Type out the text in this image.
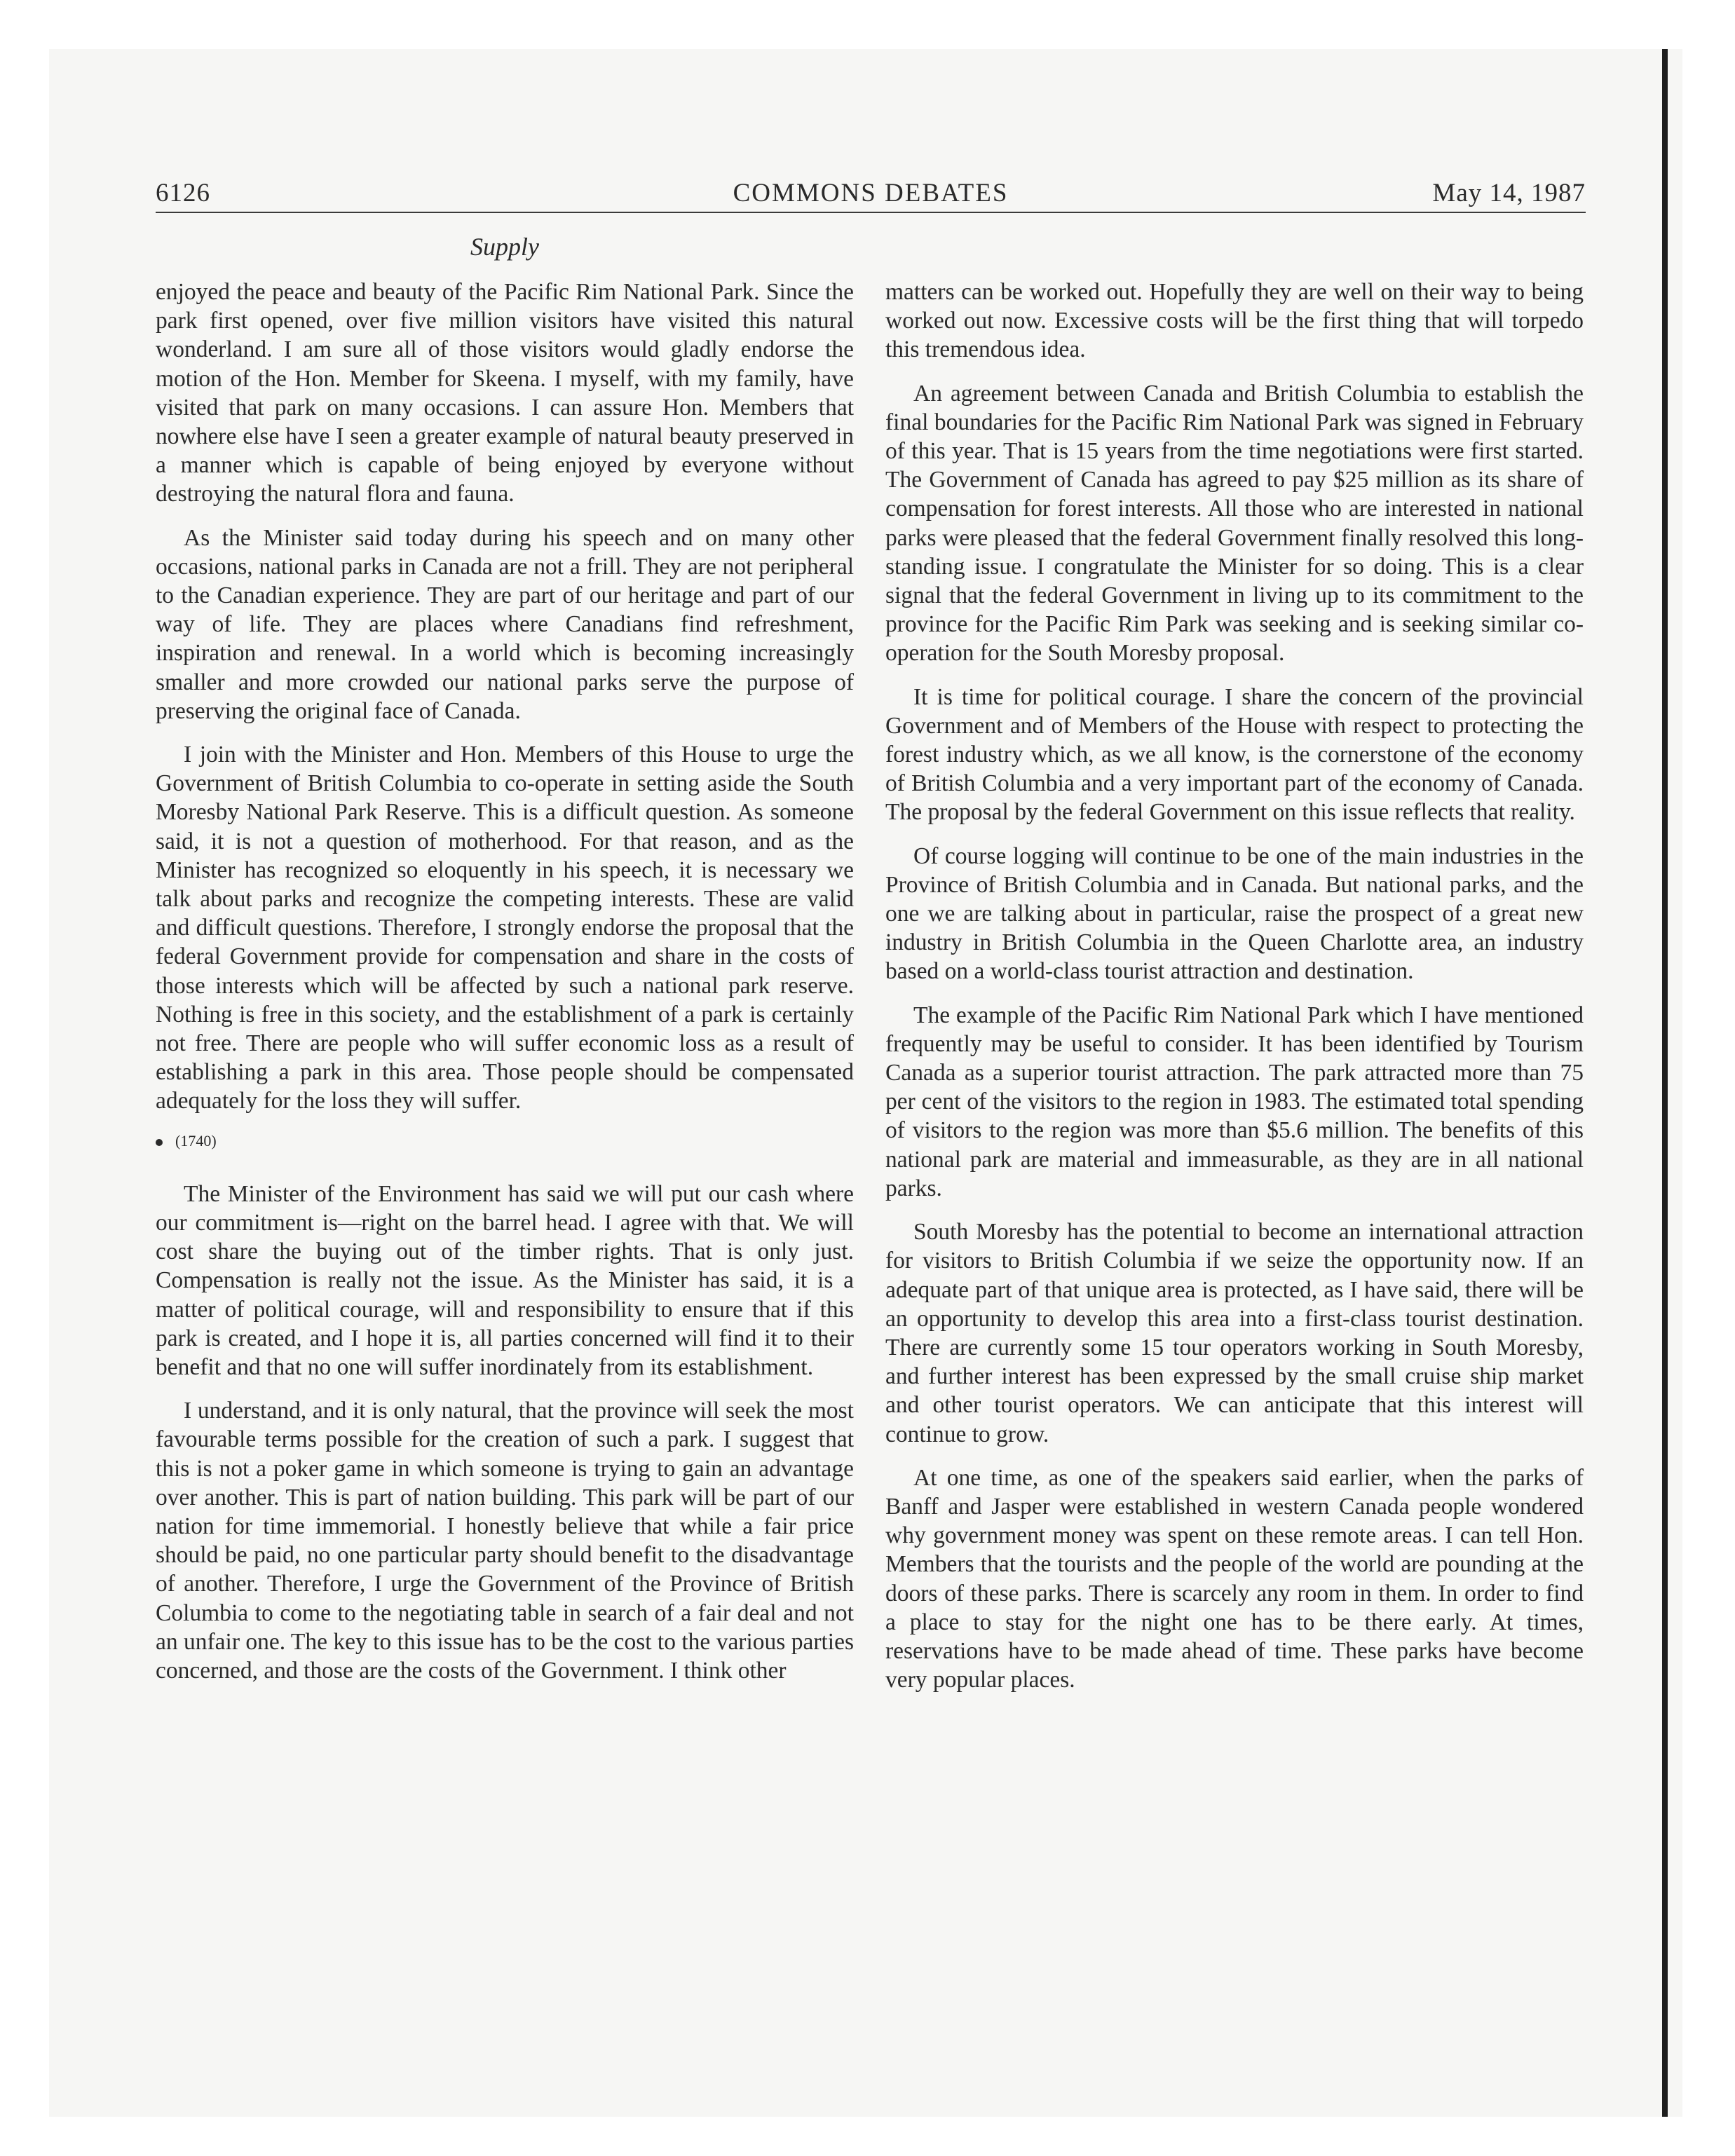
6126	COMMONS DEBATES	May 14, 1987
Supply

enjoyed the peace and beauty of the Pacific Rim National Park. Since the park first opened, over five million visitors have visited this natural wonderland. I am sure all of those visitors would gladly endorse the motion of the Hon. Member for Skeena. I myself, with my family, have visited that park on many occasions. I can assure Hon. Members that nowhere else have I seen a greater example of natural beauty preserved in a manner which is capable of being enjoyed by everyone without destroying the natural flora and fauna.

As the Minister said today during his speech and on many other occasions, national parks in Canada are not a frill. They are not peripheral to the Canadian experience. They are part of our heritage and part of our way of life. They are places where Canadians find refreshment, inspiration and renewal. In a world which is becoming increasingly smaller and more crowded our national parks serve the purpose of preserving the original face of Canada.

I join with the Minister and Hon. Members of this House to urge the Government of British Columbia to co-operate in setting aside the South Moresby National Park Reserve. This is a difficult question. As someone said, it is not a question of motherhood. For that reason, and as the Minister has recognized so eloquently in his speech, it is necessary we talk about parks and recognize the competing interests. These are valid and difficult questions. Therefore, I strongly endorse the proposal that the federal Government provide for compensation and share in the costs of those interests which will be affected by such a national park reserve. Nothing is free in this society, and the establishment of a park is certainly not free. There are people who will suffer economic loss as a result of establishing a park in this area. Those people should be compensated adequately for the loss they will suffer.

(1740)

The Minister of the Environment has said we will put our cash where our commitment is—right on the barrel head. I agree with that. We will cost share the buying out of the timber rights. That is only just. Compensation is really not the issue. As the Minister has said, it is a matter of political courage, will and responsibility to ensure that if this park is created, and I hope it is, all parties concerned will find it to their benefit and that no one will suffer inordinately from its establishment.

I understand, and it is only natural, that the province will seek the most favourable terms possible for the creation of such a park. I suggest that this is not a poker game in which someone is trying to gain an advantage over another. This is part of nation building. This park will be part of our nation for time immemorial. I honestly believe that while a fair price should be paid, no one particular party should benefit to the disadvantage of another. Therefore, I urge the Government of the Province of British Columbia to come to the negotiating table in search of a fair deal and not an unfair one. The key to this issue has to be the cost to the various parties concerned, and those are the costs of the Government. I think other

matters can be worked out. Hopefully they are well on their way to being worked out now. Excessive costs will be the first thing that will torpedo this tremendous idea.

An agreement between Canada and British Columbia to establish the final boundaries for the Pacific Rim National Park was signed in February of this year. That is 15 years from the time negotiations were first started. The Government of Canada has agreed to pay $25 million as its share of compensation for forest interests. All those who are interested in national parks were pleased that the federal Government finally resolved this long-standing issue. I congratulate the Minister for so doing. This is a clear signal that the federal Government in living up to its commitment to the province for the Pacific Rim Park was seeking and is seeking similar cooperation for the South Moresby proposal.

It is time for political courage. I share the concern of the provincial Government and of Members of the House with respect to protecting the forest industry which, as we all know, is the cornerstone of the economy of British Columbia and a very important part of the economy of Canada. The proposal by the federal Government on this issue reflects that reality.

Of course logging will continue to be one of the main industries in the Province of British Columbia and in Canada. But national parks, and the one we are talking about in particular, raise the prospect of a great new industry in British Columbia in the Queen Charlotte area, an industry based on a world-class tourist attraction and destination.

The example of the Pacific Rim National Park which I have mentioned frequently may be useful to consider. It has been identified by Tourism Canada as a superior tourist attraction. The park attracted more than 75 per cent of the visitors to the region in 1983. The estimated total spending of visitors to the region was more than $5.6 million. The benefits of this national park are material and immeasurable, as they are in all national parks.

South Moresby has the potential to become an international attraction for visitors to British Columbia if we seize the opportunity now. If an adequate part of that unique area is protected, as I have said, there will be an opportunity to develop this area into a first-class tourist destination. There are currently some 15 tour operators working in South Moresby, and further interest has been expressed by the small cruise ship market and other tourist operators. We can anticipate that this interest will continue to grow.

At one time, as one of the speakers said earlier, when the parks of Banff and Jasper were established in western Canada people wondered why government money was spent on these remote areas. I can tell Hon. Members that the tourists and the people of the world are pounding at the doors of these parks. There is scarcely any room in them. In order to find a place to stay for the night one has to be there early. At times, reservations have to be made ahead of time. These parks have become very popular places.
